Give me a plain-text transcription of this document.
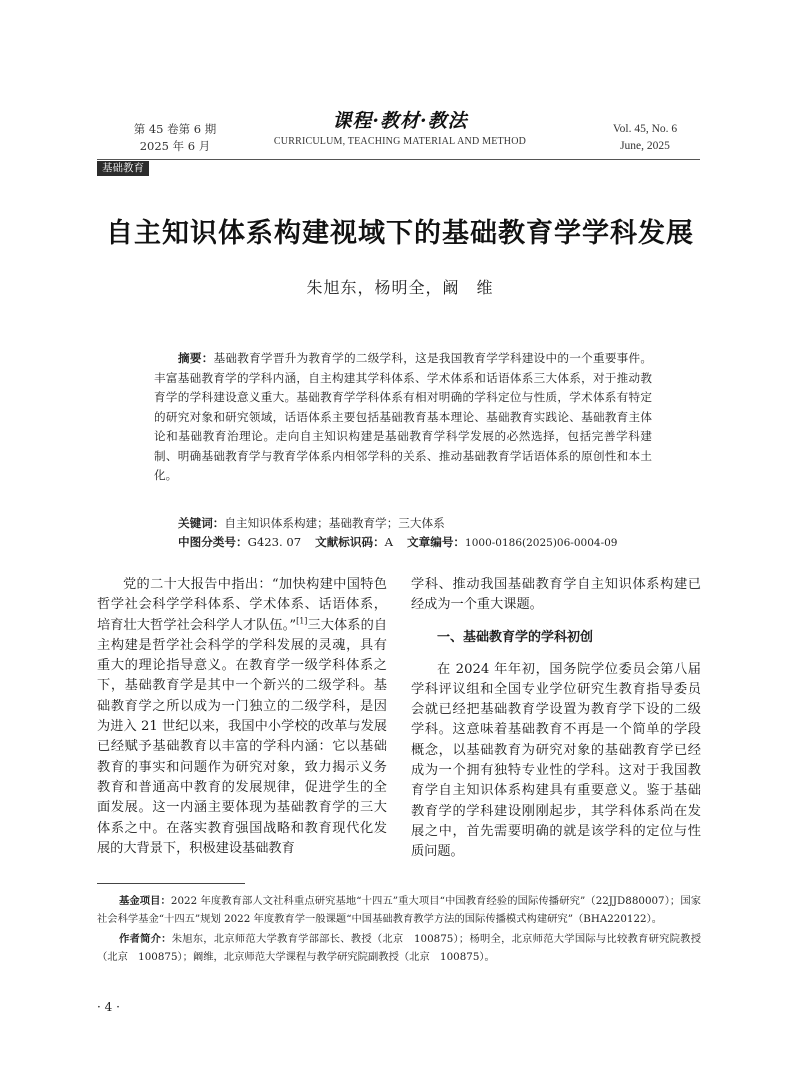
第 45 卷第 6 期
2025 年 6 月
课程·教材·教法
CURRICULUM, TEACHING MATERIAL AND METHOD
Vol. 45, No. 6
June, 2025
基础教育
自主知识体系构建视域下的基础教育学学科发展
朱旭东，杨明全，阚　维
摘要：基础教育学晋升为教育学的二级学科，这是我国教育学学科建设中的一个重要事件。丰富基础教育学的学科内涵，自主构建其学科体系、学术体系和话语体系三大体系，对于推动教育学的学科建设意义重大。基础教育学学科体系有相对明确的学科定位与性质，学术体系有特定的研究对象和研究领域，话语体系主要包括基础教育基本理论、基础教育实践论、基础教育主体论和基础教育治理论。走向自主知识构建是基础教育学科学发展的必然选择，包括完善学科建制、明确基础教育学与教育学体系内相邻学科的关系、推动基础教育学话语体系的原创性和本土化。
关键词：自主知识体系构建；基础教育学；三大体系
中图分类号：G423. 07 文献标识码：A 文章编号：1000-0186(2025)06-0004-09

党的二十大报告中指出：“加快构建中国特色哲学社会科学学科体系、学术体系、话语体系，培育壮大哲学社会科学人才队伍。”[1]三大体系的自主构建是哲学社会科学的学科发展的灵魂，具有重大的理论指导意义。在教育学一级学科体系之下，基础教育学是其中一个新兴的二级学科。基础教育学之所以成为一门独立的二级学科，是因为进入 21 世纪以来，我国中小学校的改革与发展已经赋予基础教育以丰富的学科内涵：它以基础教育的事实和问题作为研究对象，致力揭示义务教育和普通高中教育的发展规律，促进学生的全面发展。这一内涵主要体现为基础教育学的三大体系之中。在落实教育强国战略和教育现代化发展的大背景下，积极建设基础教育

学科、推动我国基础教育学自主知识体系构建已经成为一个重大课题。

一、基础教育学的学科初创

在 2024 年年初，国务院学位委员会第八届学科评议组和全国专业学位研究生教育指导委员会就已经把基础教育学设置为教育学下设的二级学科。这意味着基础教育不再是一个简单的学段概念，以基础教育为研究对象的基础教育学已经成为一个拥有独特专业性的学科。这对于我国教育学自主知识体系构建具有重要意义。鉴于基础教育学的学科建设刚刚起步，其学科体系尚在发展之中，首先需要明确的就是该学科的定位与性质问题。

基金项目：2022 年度教育部人文社科重点研究基地“十四五”重大项目“中国教育经验的国际传播研究”（22JJD880007）；国家社会科学基金“十四五”规划 2022 年度教育学一般课题“中国基础教育教学方法的国际传播模式构建研究”（BHA220122）。

作者简介：朱旭东，北京师范大学教育学部部长、教授（北京　100875）；杨明全，北京师范大学国际与比较教育研究院教授（北京　100875）；阚维，北京师范大学课程与教学研究院副教授（北京　100875）。

· 4 ·
